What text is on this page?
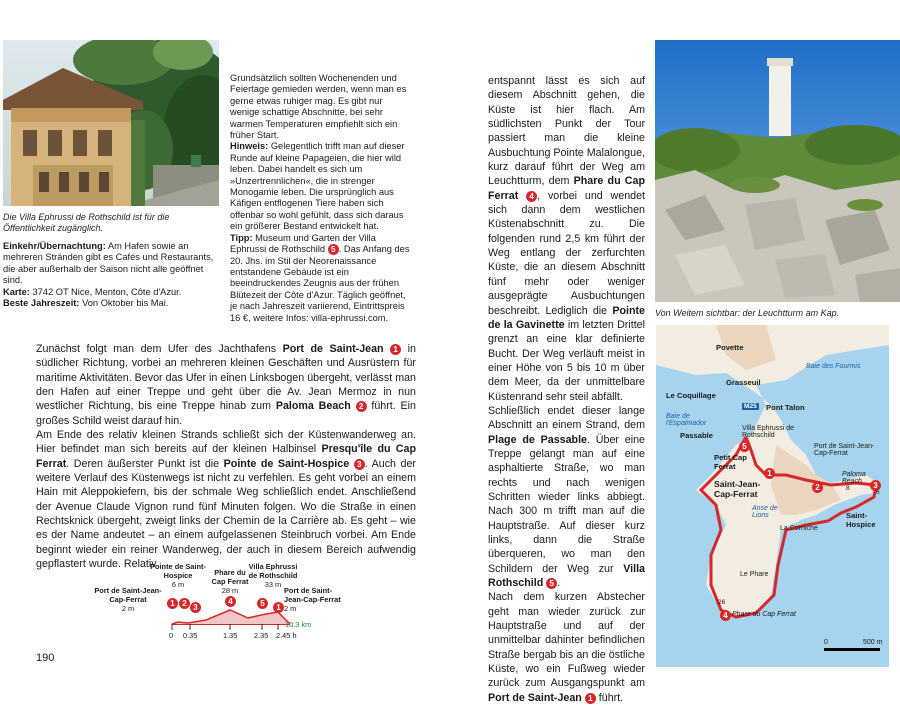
Die Villa Ephrussi de Rothschild ist für die Öffentlichkeit zugänglich.

Einkehr/Übernachtung: Am Hafen sowie an mehreren Stränden gibt es Cafés und Restaurants, die aber außerhalb der Saison nicht alle geöffnet sind.

Karte: 3742 OT Nice, Menton, Côte d'Azur.

Beste Jahreszeit: Von Oktober bis Mai.

Grundsätzlich sollten Wochenenden und Feiertage gemieden werden, wenn man es gerne etwas ruhiger mag. Es gibt nur wenige schattige Abschnitte, bei sehr warmen Temperaturen empfiehlt sich ein früher Start.

Hinweis: Gelegentlich trifft man auf dieser Runde auf kleine Papageien, die hier wild leben. Dabei handelt es sich um »Unzertrennlichen«, die in strenger Monogamie leben. Die ursprünglich aus Käfigen entflogenen Tiere haben sich offenbar so wohl gefühlt, dass sich daraus ein größerer Bestand entwickelt hat.

Tipp: Museum und Garten der Villa Ephrussi de Rothschild 5 . Das Anfang des 20. Jhs. im Stil der Neorenaissance entstandene Gebäude ist ein beeindruckendes Zeugnis aus der frühen Blütezeit der Côte d'Azur. Täglich geöffnet, je nach Jahreszeit variierend, Eintrittspreis 16 €, weitere Infos: villa-ephrussi.com.

Zunächst folgt man dem Ufer des Jachthafens Port de Saint-Jean 1 in südlicher Richtung, vorbei an mehreren kleinen Geschäften und Ausrüstern für maritime Aktivitäten. Bevor das Ufer in einen Linksbogen übergeht, verlässt man den Hafen auf einer Treppe und geht über die Av. Jean Mermoz in nun westlicher Richtung, bis eine Treppe hinab zum Paloma Beach 2 führt. Ein großes Schild weist darauf hin.

Am Ende des relativ kleinen Strands schließt sich der Küstenwanderweg an. Hier befindet man sich bereits auf der kleinen Halbinsel Presqu'île du Cap Ferrat. Deren äußerster Punkt ist die Pointe de Saint-Hospice 3 . Auch der weitere Verlauf des Küstenwegs ist nicht zu verfehlen. Es geht vorbei an einem Hain mit Aleppokiefern, bis der schmale Weg schließlich endet. Anschließend der Avenue Claude Vignon rund fünf Minuten folgen. Wo die Straße in einen Rechtsknick übergeht, zweigt links der Chemin de la Carrière ab. Es geht – wie es der Name andeutet – an einem aufgelassenen Steinbruch vorbei. Am Ende beginnt wieder ein reiner Wanderweg, der auch in diesem Bereich aufwendig gepflastert wurde. Relativ

Port de Saint-Jean-Cap-Ferrat
2 m
Pointe de Saint-Hospice
6 m
Phare du Cap Ferrat
28 m
Villa Ephrussi de Rothschild
33 m
Port de Saint-Jean-Cap-Ferrat
2 m
1 2 3
4	5	1
0 0.35	1.35 2.35 2.45 h
10.3 km
190

entspannt lässt es sich auf diesem Abschnitt gehen, die Küste ist hier flach. Am südlichsten Punkt der Tour passiert man die kleine Ausbuchtung Pointe Malalongue, kurz darauf führt der Weg am Leuchtturm, dem Phare du Cap Ferrat 4 , vorbei und wendet sich dann dem westlichen Küstenabschnitt zu. Die folgenden rund 2,5 km führt der Weg entlang der zerfurchten Küste, die an diesem Abschnitt fünf mehr oder weniger ausgeprägte Ausbuchtungen beschreibt. Lediglich die Pointe de la Gavinette im letzten Drittel grenzt an eine klar definierte Bucht. Der Weg verläuft meist in einer Höhe von 5 bis 10 m über dem Meer, da der unmittelbare Küstenrand sehr steil abfällt.

Schließlich endet dieser lange Abschnitt an einem Strand, dem Plage de Passable. Über eine Treppe gelangt man auf eine asphaltierte Straße, wo man rechts und nach wenigen Schritten wieder links abbiegt. Nach 300 m trifft man auf die Hauptstraße. Auf dieser kurz links, dann die Straße überqueren, wo man den Schildern der Weg zur Villa Rothschild 5 .

Nach dem kurzen Abstecher geht man wieder zurück zur Hauptstraße und auf der unmittelbar dahinter befindlichen Straße bergab bis an die östliche Küste, wo ein Fußweg wieder zurück zum Ausgangspunkt am Port de Saint-Jean 1 führt.

Von Weitem sichtbar: der Leuchtturm am Kap.
Povette
Baie des Fourmis
Grasseuil
Le Coquillage
M25 Pont Talon
Baie de l'Espalmador
Passable
Villa Ephrussi de Rothschild
Petit Cap Ferrat
Port de Saint-Jean-Cap-Ferrat
Paloma Beach
Saint-Jean-Cap-Ferrat
Saint-Hospice
Anse de Lions
La Corniche
Le Phare
Phare du Cap Ferrat
1
2	3
4
5
26
6
8
0	500 m
